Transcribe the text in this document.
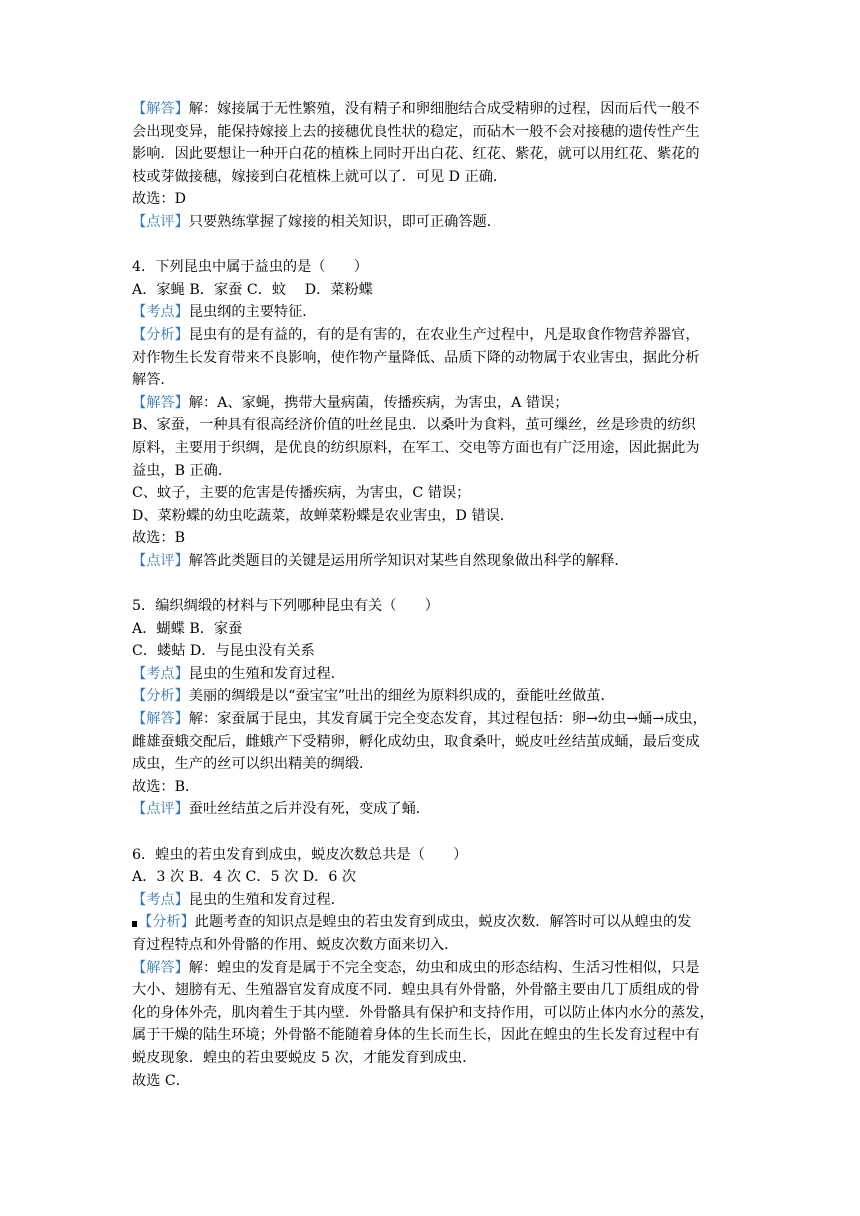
【解答】解：嫁接属于无性繁殖，没有精子和卵细胞结合成受精卵的过程，因而后代一般不
会出现变异，能保持嫁接上去的接穗优良性状的稳定，而砧木一般不会对接穗的遗传性产生
影响．因此要想让一种开白花的植株上同时开出白花、红花、紫花，就可以用红花、紫花的
枝或芽做接穗，嫁接到白花植株上就可以了．可见 D 正确．
故选：D
【点评】只要熟练掌握了嫁接的相关知识，即可正确答题．
4．下列昆虫中属于益虫的是（　　）
A．家蝇 B．家蚕 C．蚊　 D．菜粉蝶
【考点】昆虫纲的主要特征．
【分析】昆虫有的是有益的，有的是有害的，在农业生产过程中，凡是取食作物营养器官，
对作物生长发育带来不良影响，使作物产量降低、品质下降的动物属于农业害虫，据此分析
解答．
【解答】解：A、家蝇，携带大量病菌，传播疾病，为害虫，A 错误；
B、家蚕，一种具有很高经济价值的吐丝昆虫．以桑叶为食料，茧可缫丝，丝是珍贵的纺织
原料，主要用于织绸，是优良的纺织原料，在军工、交电等方面也有广泛用途，因此据此为
益虫，B 正确．
C、蚊子，主要的危害是传播疾病，为害虫，C 错误；
D、菜粉蝶的幼虫吃蔬菜，故蝉菜粉蝶是农业害虫，D 错误．
故选：B
【点评】解答此类题目的关键是运用所学知识对某些自然现象做出科学的解释．
5．编织绸缎的材料与下列哪种昆虫有关（　　）
A．蝴蝶 B．家蚕
C．蝼蛄 D．与昆虫没有关系
【考点】昆虫的生殖和发育过程．
【分析】美丽的绸缎是以“蚕宝宝”吐出的细丝为原料织成的，蚕能吐丝做茧．
【解答】解：家蚕属于昆虫，其发育属于完全变态发育，其过程包括：卵→幼虫→蛹→成虫，
雌雄蚕蛾交配后，雌蛾产下受精卵，孵化成幼虫，取食桑叶，蜕皮吐丝结茧成蛹，最后变成
成虫，生产的丝可以织出精美的绸缎．
故选：B．
【点评】蚕吐丝结茧之后并没有死，变成了蛹．
6．蝗虫的若虫发育到成虫，蜕皮次数总共是（　　）
A．3 次 B．4 次 C．5 次 D．6 次
【考点】昆虫的生殖和发育过程．
【分析】此题考查的知识点是蝗虫的若虫发育到成虫，蜕皮次数．解答时可以从蝗虫的发
育过程特点和外骨骼的作用、蜕皮次数方面来切入．
【解答】解：蝗虫的发育是属于不完全变态，幼虫和成虫的形态结构、生活习性相似，只是
大小、翅膀有无、生殖器官发育成度不同．蝗虫具有外骨骼，外骨骼主要由几丁质组成的骨
化的身体外壳，肌肉着生于其内壁．外骨骼具有保护和支持作用，可以防止体内水分的蒸发，
属于干燥的陆生环境；外骨骼不能随着身体的生长而生长，因此在蝗虫的生长发育过程中有
蜕皮现象．蝗虫的若虫要蜕皮 5 次，才能发育到成虫．
故选 C．
